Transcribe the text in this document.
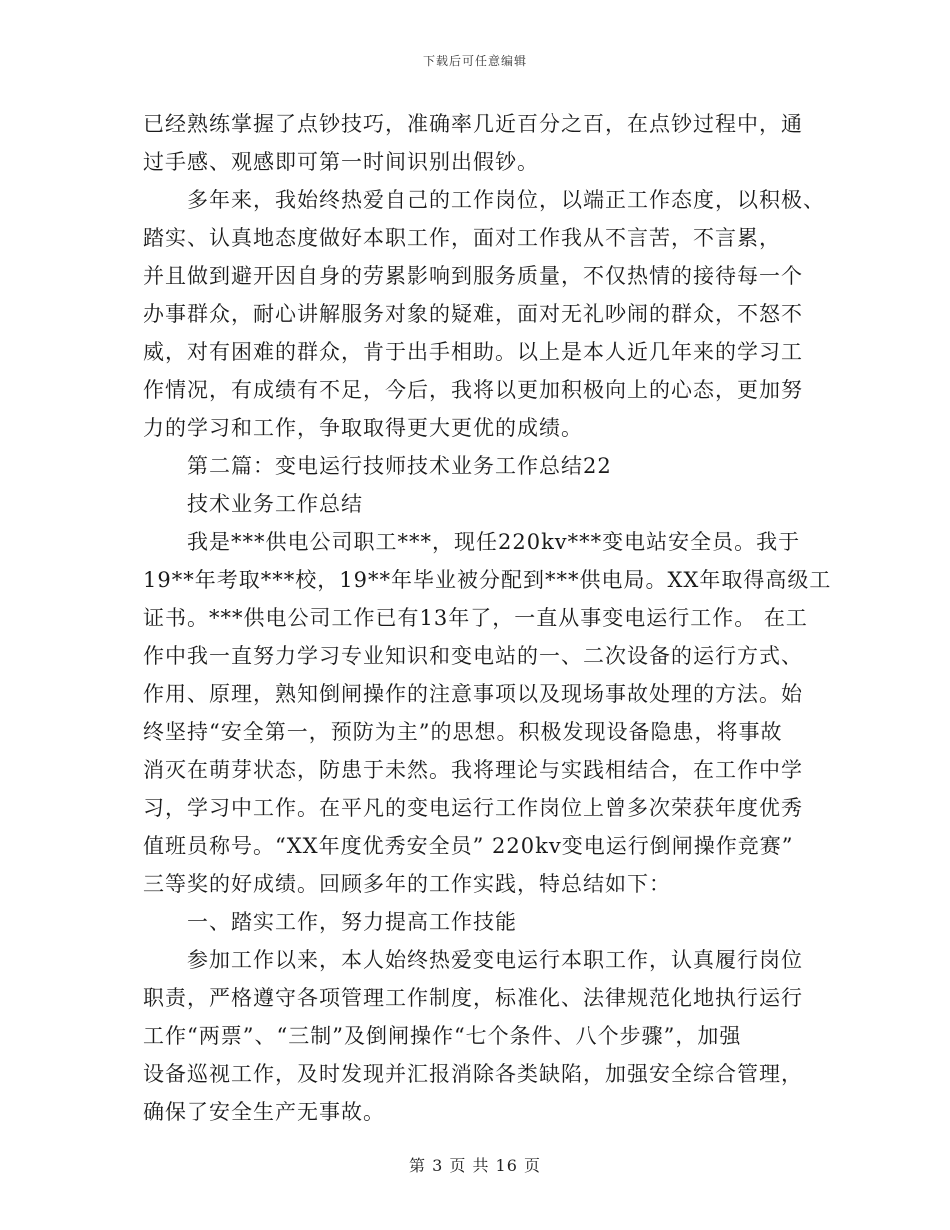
下载后可任意编辑
已经熟练掌握了点钞技巧，准确率几近百分之百，在点钞过程中，通
过手感、观感即可第一时间识别出假钞。
多年来，我始终热爱自己的工作岗位，以端正工作态度，以积极、
踏实、认真地态度做好本职工作，面对工作我从不言苦，不言累，
并且做到避开因自身的劳累影响到服务质量，不仅热情的接待每一个
办事群众，耐心讲解服务对象的疑难，面对无礼吵闹的群众，不怒不
威，对有困难的群众，肯于出手相助。以上是本人近几年来的学习工
作情况，有成绩有不足，今后，我将以更加积极向上的心态，更加努
力的学习和工作，争取取得更大更优的成绩。
第二篇：变电运行技师技术业务工作总结22
技术业务工作总结
我是***供电公司职工***，现任220kv***变电站安全员。我于
19**年考取***校，19**年毕业被分配到***供电局。XX年取得高级工
证书。***供电公司工作已有13年了，一直从事变电运行工作。 在工
作中我一直努力学习专业知识和变电站的一、二次设备的运行方式、
作用、原理，熟知倒闸操作的注意事项以及现场事故处理的方法。始
终坚持“安全第一，预防为主”的思想。积极发现设备隐患，将事故
消灭在萌芽状态，防患于未然。我将理论与实践相结合，在工作中学
习，学习中工作。在平凡的变电运行工作岗位上曾多次荣获年度优秀
值班员称号。“XX年度优秀安全员” 220kv变电运行倒闸操作竞赛”
三等奖的好成绩。回顾多年的工作实践，特总结如下：
一、踏实工作，努力提高工作技能
参加工作以来，本人始终热爱变电运行本职工作，认真履行岗位
职责，严格遵守各项管理工作制度，标准化、法律规范化地执行运行
工作“两票”、“三制”及倒闸操作“七个条件、八个步骤”，加强
设备巡视工作，及时发现并汇报消除各类缺陷，加强安全综合管理，
确保了安全生产无事故。
第 3 页 共 16 页
